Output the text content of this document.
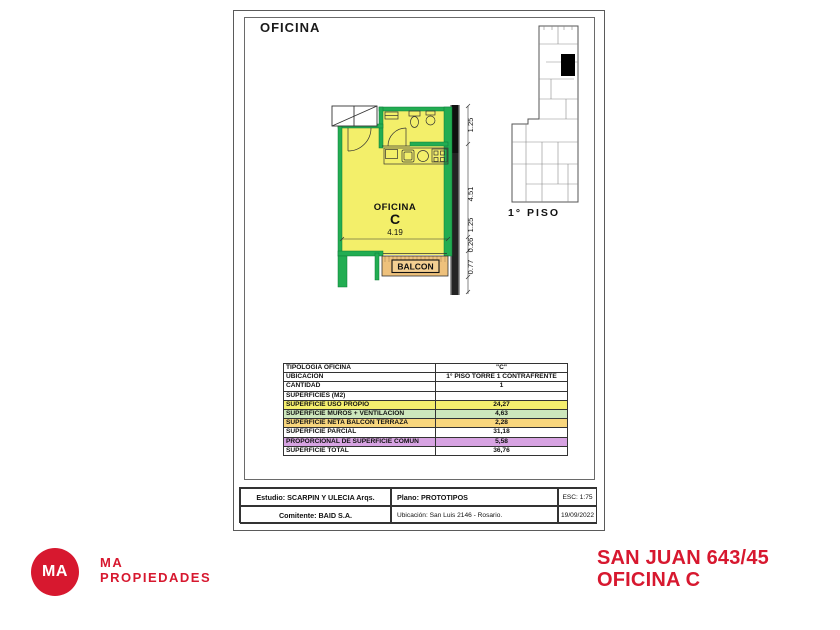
OFICINA
BALCON
OFICINA
C
4.19
1.25
4.51
1.25
0.26
0.77
1° PISO
TIPOLOGIA OFICINA	"C"
UBICACIÓN	1° PISO TORRE 1 CONTRAFRENTE
CANTIDAD	1
SUPERFICIES (M2)	
SUPERFICIE USO PROPIO	24,27
SUPERFICIE MUROS + VENTILACION	4,63
SUPERFICIE NETA BALCON TERRAZA	2,28
SUPERFICIE PARCIAL	31,18
PROPORCIONAL DE SUPERFICIE COMUN	5,58
SUPERFICIE TOTAL	36,76
Estudio: SCARPIN Y ULECIA Arqs.	Plano: PROTOTIPOS	ESC: 1:75
Comitente: BAID S.A.	Ubicación: San Luis 2146 - Rosario.	19/09/2022
MA
MA
PROPIEDADES
SAN JUAN 643/45
OFICINA C
